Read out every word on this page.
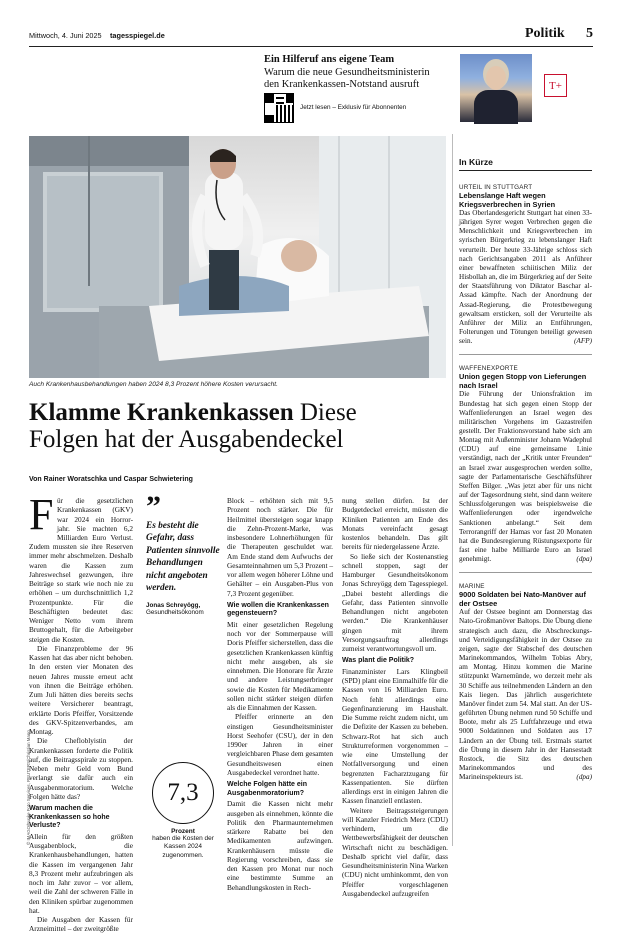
Mittwoch, 4. Juni 2025 tagesspiegel.de	Politik 5
Ein Hilferuf ans eigene Team
Warum die neue Gesundheitsministerin
den Krankenkassen-Notstand ausruft
Jetzt lesen – Exklusiv für Abonnenten
T+
Auch Krankenhausbehandlungen haben 2024 8,3 Prozent höhere Kosten verursacht.
Klamme Krankenkassen Diese
Folgen hat der Ausgabendeckel
Von Rainer Woratschka und Caspar Schwietering
F ür die gesetzlichen
Krankenkassen (GKV)
war 2024 ein Horror-
jahr. Sie machten 6,2
Milliarden Euro Verlust.

Zudem mussten sie ihre Reserven immer mehr abschmelzen. Deshalb waren die Kassen zum Jahreswechsel gezwungen, ihre Beiträge so stark wie noch nie zu erhöhen – um durchschnittlich 1,2 Prozentpunkte. Für die Beschäftigten bedeutet das: Weniger Netto vom ihrem Bruttogehalt, für die Arbeitgeber steigen die Kosten.

Die Finanzprobleme der 96 Kassen hat das aber nicht behoben. In den ersten vier Monaten des neuen Jahres musste erneut acht von ihnen die Beiträge erhöhen. Zum Juli hätten dies bereits sechs weitere Versicherer beantragt, erklärte Doris Pfeiffer, Vorsitzende des GKV-Spitzenverbandes, am Montag.

Die Chefloblyistin der Krankenkassen forderte die Politik auf, die Beitragsspirale zu stoppen. Neben mehr Geld vom Bund verlangt sie dafür auch ein Ausgabenmoratorium. Welche Folgen hätte das?

Warum machen die Krankenkassen so hohe Verluste?

Allein für den größten Ausgabenblock, die Krankenhausbehandlungen, hatten die Kassen im vergangenen Jahr 8,3 Prozent mehr aufzubringen als noch im Jahr zuvor – vor allem, weil die Zahl der schweren Fälle in den Kliniken spürbar zugenommen hat.

Die Ausgaben der Kassen für Arzneimittel – der zweitgrößte

”
Es besteht die Gefahr, dass Patienten sinnvolle Behandlungen nicht angeboten werden.
Jonas Schreyögg,
Gesundheitsökonom
7,3
Prozent
haben die Kosten der Kassen 2024 zugenommen.

Block – erhöhten sich mit 9,5 Prozent noch stärker. Die für Heilmittel übersteigen sogar knapp die Zehn-Prozent-Marke, was insbesondere Lohnerhöhungen für die Therapeuten geschuldet war. Am Ende stand dem Aufwuchs der Gesamteinnahmen um 5,3 Prozent – vor allem wegen höherer Löhne und Gehälter – ein Ausgaben-Plus von 7,3 Prozent gegenüber.

Wie wollen die Krankenkassen gegensteuern?

Mit einer gesetzlichen Regelung noch vor der Sommerpause will Doris Pfeiffer sicherstellen, dass die gesetzlichen Krankenkassen künftig nicht mehr ausgeben, als sie einnehmen. Die Honorare für Ärzte und andere Leistungserbringer sowie die Kosten für Medikamente sollen nicht stärker steigen dürfen als die Einnahmen der Kassen.

Pfeiffer erinnerte an den einstigen Gesundheitsminister Horst Seehofer (CSU), der in den 1990er Jahren in einer vergleichbaren Phase dem gesamten Gesundheitswesen einen Ausgabedeckel verordnet hatte.

Welche Folgen hätte ein Ausgabenmoratorium?

Damit die Kassen nicht mehr ausgeben als einnehmen, könnte die Politik den Pharmaunternehmen stärkere Rabatte bei den Medikamenten aufzwingen. Krankenhäusern müsste die Regierung vorschreiben, dass sie den Kassen pro Monat nur noch eine bestimmte Summe an Behandlungskosten in Rech-

nung stellen dürfen. Ist der Budgetdeckel erreicht, müssten die Kliniken Patienten am Ende des Monats vereinfacht gesagt kostenlos behandeln. Das gilt bereits für niedergelassene Ärzte.

So ließe sich der Kostenanstieg schnell stoppen, sagt der Hamburger Gesundheitsökonom Jonas Schreyögg dem Tagesspiegel. „Dabei besteht allerdings die Gefahr, dass Patienten sinnvolle Behandlungen nicht angeboten werden.“ Die Krankenhäuser gingen mit ihrem Versorgungsauftrag allerdings zumeist verantwortungsvoll um.

Was plant die Politik?

Finanzminister Lars Klingbeil (SPD) plant eine Einmalhilfe für die Kassen von 16 Milliarden Euro. Noch fehlt allerdings eine Gegenfinanzierung im Haushalt. Die Summe reicht zudem nicht, um die Defizite der Kassen zu beheben. Schwarz-Rot hat sich auch Strukturreformen vorgenommen – wie eine Umstellung der Notfallversorgung und einen begrenzten Facharztzugang für Kassenpatienten. Sie dürften allerdings erst in einigen Jahren die Kassen finanziell entlasten.

Weitere Beitragssteigerungen will Kanzler Friedrich Merz (CDU) verhindern, um die Wettbewerbsfähigkeit der deutschen Wirtschaft nicht zu beschädigen. Deshalb spricht viel dafür, dass Gesundheitsministerin Nina Warken (CDU) nicht umhinkommt, den von Pfeiffer vorgeschlagenen Ausgabendeckel aufzugreifen

© IMAGO/Funke Foto Services, REUTERS/Christian Mang
In Kürze
URTEIL IN STUTTGART
Lebenslange Haft wegen Kriegsverbrechen in Syrien

Das Oberlandesgericht Stuttgart hat einen 33-jährigen Syrer wegen Verbrechen gegen die Menschlichkeit und Kriegsverbrechen im syrischen Bürgerkrieg zu lebenslanger Haft verurteilt. Der heute 33-Jährige schloss sich nach Gerichtsangaben 2011 als Anführer einer bewaffneten schiitischen Miliz der Hisbollah an, die im Bürgerkrieg auf der Seite der Staatsführung von Diktator Baschar al-Assad kämpfte. Nach der Anordnung der Assad-Regierung, die Protestbewegung gewaltsam ersticken, soll der Verurteilte als Anführer der Miliz an Entführungen, Folterungen und Tötungen beteiligt gewesen sein.	(AFP)

WAFFENEXPORTE
Union gegen Stopp von Lieferungen nach Israel

Die Führung der Unionsfraktion im Bundestag hat sich gegen einen Stopp der Waffenlieferungen an Israel wegen des militärischen Vorgehens im Gazastreifen gestellt. Der Fraktionsvorstand habe sich am Montag mit Außenminister Johann Wadephul (CDU) auf eine gemeinsame Linie verständigt, nach der „Kritik unter Freunden“ an Israel zwar ausgesprochen werden sollte, sagte der Parlamentarische Geschäftsführer Steffen Bilger. „Was jetzt aber für uns nicht auf der Tagesordnung steht, sind dann weitere Schlussfolgerungen was beispielsweise die Waffenlieferungen oder irgendwelche Sanktionen anbelangt.“ Seit dem Terrorangriff der Hamas vor fast 20 Monaten hat die Bundesregierung Rüstungsexporte für fast eine halbe Milliarde Euro an Israel genehmigt.	(dpa)

MARINE
9000 Soldaten bei Nato-Manöver auf der Ostsee

Auf der Ostsee beginnt am Donnerstag das Nato-Großmanöver Baltops. Die Übung diene strategisch auch dazu, die Abschreckungs- und Verteidigungsfähigkeit in der Ostsee zu zeigen, sagte der Stabschef des deutschen Marinekommandos, Wilhelm Tobias Abry, am Montag. Hinzu kommen die Marine stützpunkt Warnemünde, wo derzeit mehr als 30 Schiffe aus teilnehmenden Ländern an den Kais liegen. Das jährlich ausgerichtete Manöver findet zum 54. Mal statt. An der US-geführten Übung nehmen rund 50 Schiffe und Boote, mehr als 25 Luftfahrzeuge und etwa 9000 Soldatinnen und Soldaten aus 17 Ländern an der Übung teil. Erstmals startet die Übung in diesem Jahr in der Hansestadt Rostock, die Sitz des deutschen Marinekommandos und des Marineinspekteurs ist.	(dpa)
